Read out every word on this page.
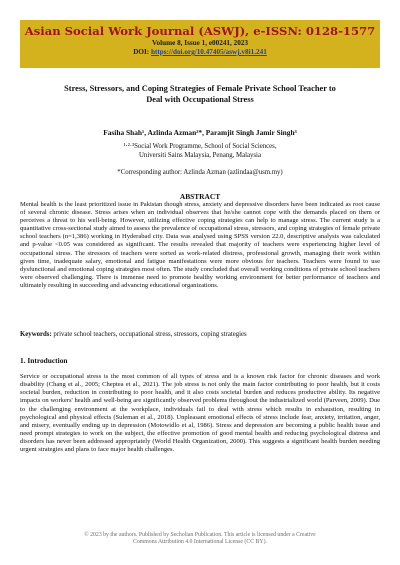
Asian Social Work Journal (ASWJ), e-ISSN: 0128-1577
Volume 8, Issue 1, e00241, 2023
DOI: https://doi.org/10.47405/aswj.v8i1.241
Stress, Stressors, and Coping Strategies of Female Private School Teacher to
Deal with Occupational Stress
Fasiha Shah¹, Azlinda Azman²*, Paramjit Singh Jamir Singh³
¹·²·³Social Work Programme, School of Social Sciences,
Universiti Sains Malaysia, Penang, Malaysia
*Corresponding author: Azlinda Azman (azlindaa@usm.my)
ABSTRACT
Mental health is the least prioritized issue in Pakistan though stress, anxiety and depressive disorders have been indicated as root cause of several chronic disease. Stress arises when an individual observes that he/she cannot cope with the demands placed on them or perceives a threat to his well-being. However, utilizing effective coping strategies can help to manage stress. The current study is a quantitative cross-sectional study aimed to assess the prevalence of occupational stress, stressors, and coping strategies of female private school teachers (n=1,386) working in Hyderabad city. Data was analysed using SPSS version 22.0, descriptive analysis was calculated and p-value <0.05 was considered as significant. The results revealed that majority of teachers were experiencing higher level of occupational stress. The stressors of teachers were sorted as work-related distress, professional growth, managing their work within given time, inadequate salary, emotional and fatigue manifestations were more obvious for teachers. Teachers were found to use dysfunctional and emotional coping strategies most often. The study concluded that overall working conditions of private school teachers were observed challenging. There is immense need to promote healthy working environment for better performance of teachers and ultimately resulting in succeeding and advancing educational organizations.
Keywords: private school teachers, occupational stress, stressors, coping strategies
1. Introduction
Service or occupational stress is the most common of all types of stress and is a known risk factor for chronic diseases and work disability (Chang et al., 2005; Cheptea et al., 2021). The job stress is not only the main factor contributing to poor health, but it costs societal burden, reduction in contributing to poor health, and it also costs societal burden and reduces productive ability. Its negative impacts on workers' health and well-being are significantly observed problems throughout the industrialized world (Parveen, 2009). Due to the challenging environment at the workplace, individuals fail to deal with stress which results in exhaustion, resulting in psychological and physical effects (Suleman et al., 2018). Unpleasant emotional effects of stress include fear, anxiety, irritation, anger, and misery, eventually ending up in depression (Motowidlo et al, 1986). Stress and depression are becoming a public health issue and need prompt strategies to work on the subject, the effective promotion of good mental health and reducing psychological distress and disorders has never been addressed appropriately (World Health Organization, 2000). This suggests a significant health burden needing urgent strategies and plans to face major health challenges.
© 2023 by the authors. Published by Secholian Publication. This article is licensed under a Creative
Commons Attribution 4.0 International License (CC BY).
